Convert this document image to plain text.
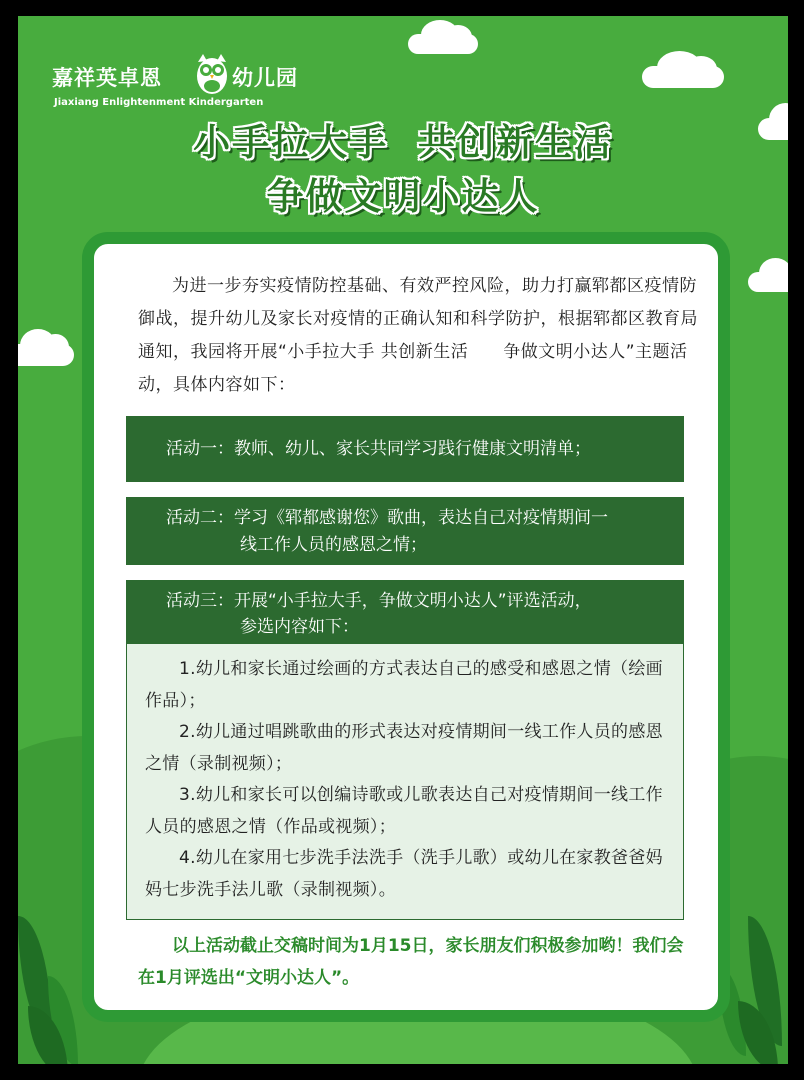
嘉祥英卓恩	幼儿园
Jiaxiang Enlightenment Kindergarten
小手拉大手  共创新生活
争做文明小达人
为进一步夯实疫情防控基础、有效严控风险，助力打赢郓都区疫情防御战，提升幼儿及家长对疫情的正确认知和科学防护，根据郓都区教育局通知，我园将开展“小手拉大手 共创新生活　　争做文明小达人”主题活动，具体内容如下：
活动一：教师、幼儿、家长共同学习践行健康文明清单；
活动二：学习《郓都感谢您》歌曲，表达自己对疫情期间一
线工作人员的感恩之情；
活动三：开展“小手拉大手，争做文明小达人”评选活动，
参选内容如下：
1.幼儿和家长通过绘画的方式表达自己的感受和感恩之情（绘画作品）；
2.幼儿通过唱跳歌曲的形式表达对疫情期间一线工作人员的感恩之情（录制视频）；
3.幼儿和家长可以创编诗歌或儿歌表达自己对疫情期间一线工作人员的感恩之情（作品或视频）；
4.幼儿在家用七步洗手法洗手（洗手儿歌）或幼儿在家教爸爸妈妈七步洗手法儿歌（录制视频）。
以上活动截止交稿时间为1月15日，家长朋友们积极参加哟！我们会在1月评选出“文明小达人”。
